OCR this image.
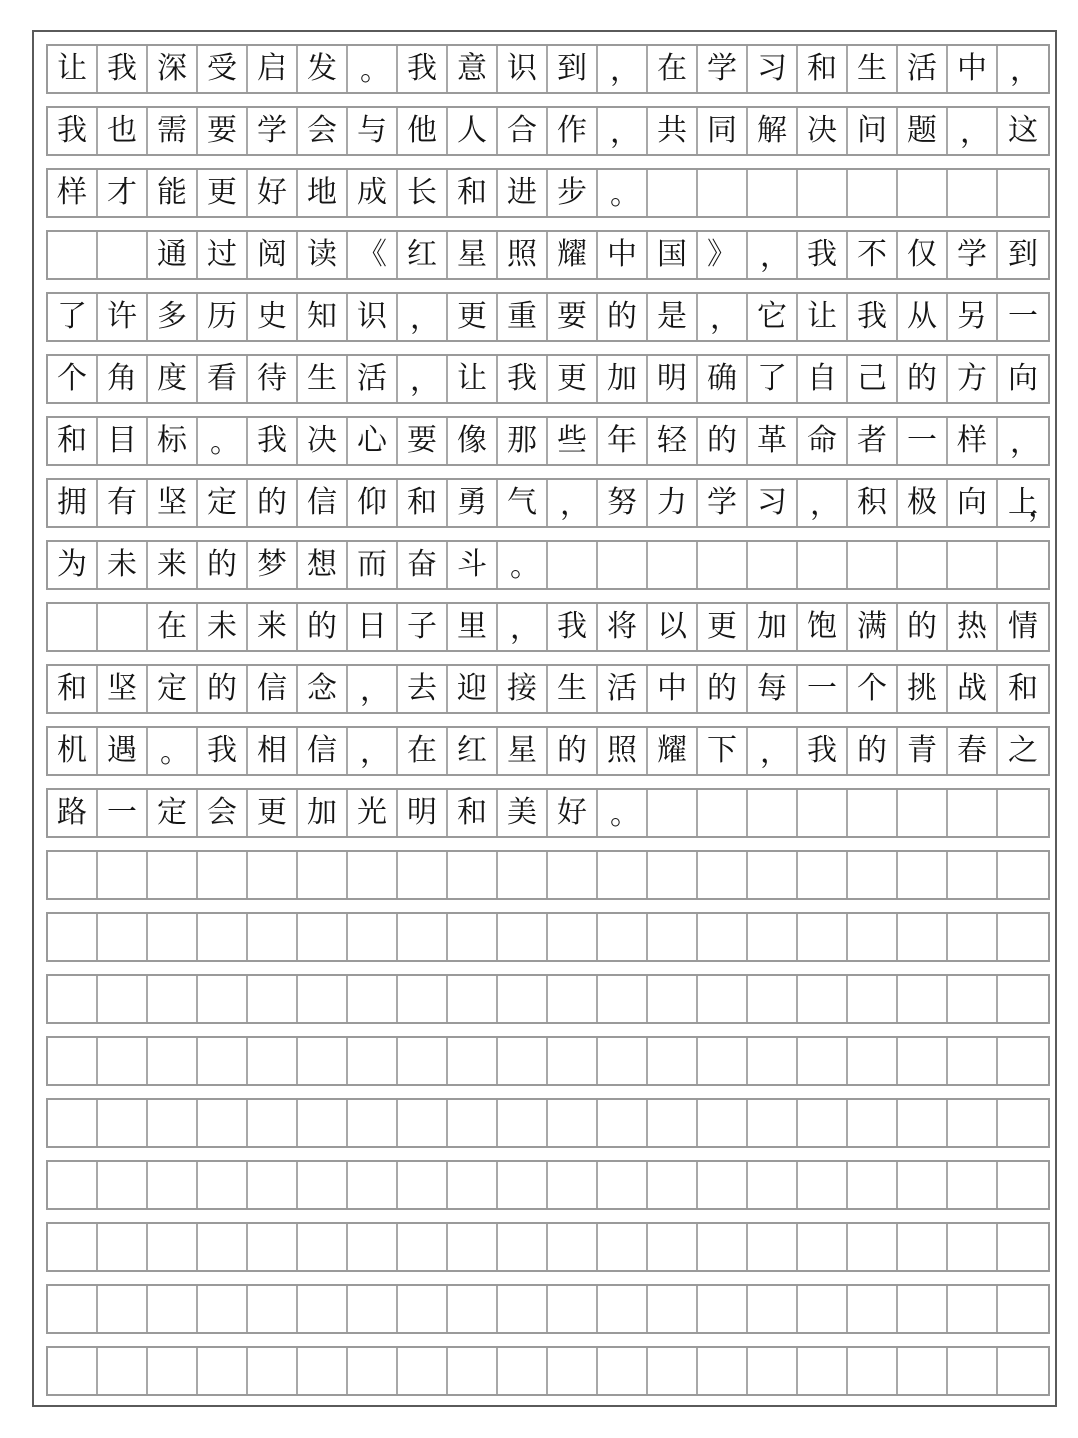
让 我 深 受 启 发 。 我 意 识 到 ， 在 学 习 和 生 活 中 ，
我 也 需 要 学 会 与 他 人 合 作 ， 共 同 解 决 问 题 ， 这
样 才 能 更 好 地 成 长 和 进 步 。
通 过 阅 读 《 红 星 照 耀 中 国 》 ， 我 不 仅 学 到
了 许 多 历 史 知 识 ， 更 重 要 的 是 ， 它 让 我 从 另 一
个 角 度 看 待 生 活 ， 让 我 更 加 明 确 了 自 己 的 方 向
和 目 标 。 我 决 心 要 像 那 些 年 轻 的 革 命 者 一 样 ，
拥 有 坚 定 的 信 仰 和 勇 气 ， 努 力 学 习 ， 积 极 向 上
，
为 未 来 的 梦 想 而 奋 斗 。
在 未 来 的 日 子 里 ， 我 将 以 更 加 饱 满 的 热 情
和 坚 定 的 信 念 ， 去 迎 接 生 活 中 的 每 一 个 挑 战 和
机 遇 。 我 相 信 ， 在 红 星 的 照 耀 下 ， 我 的 青 春 之
路 一 定 会 更 加 光 明 和 美 好 。
